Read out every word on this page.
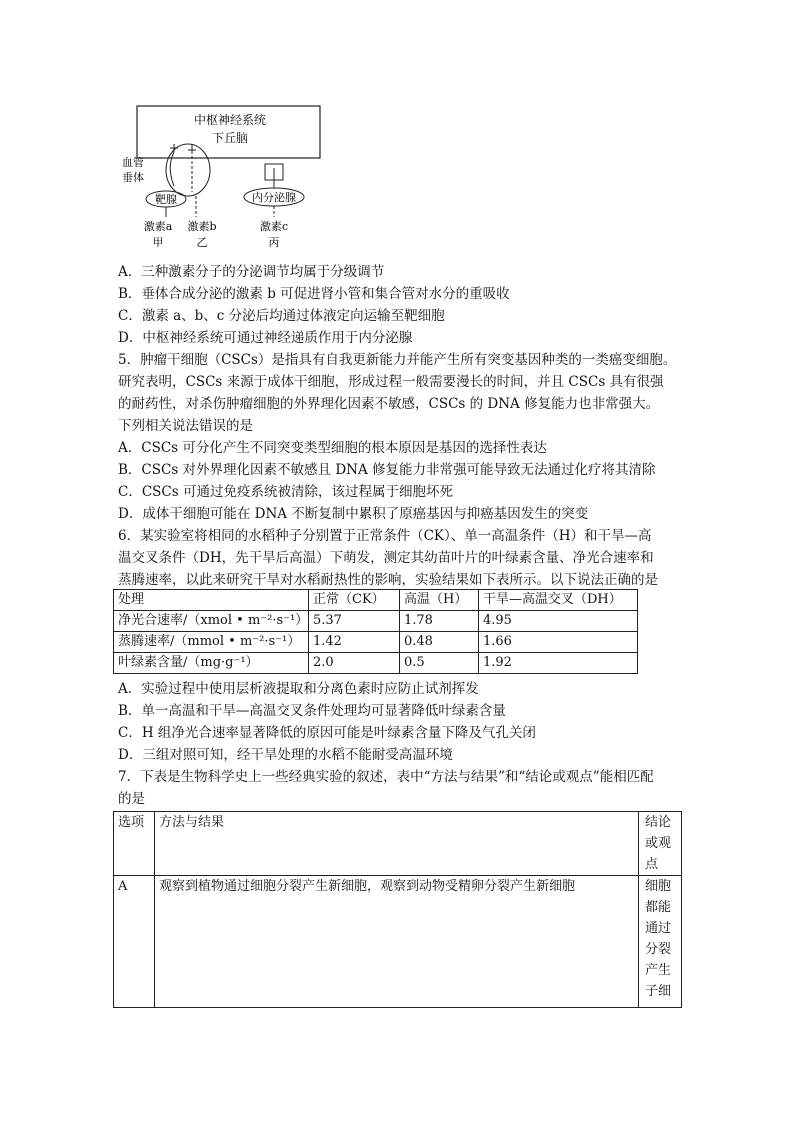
中枢神经系统
下丘脑
血管
垂体
靶腺	内分泌腺
激素a 激素b	激素c
甲	乙	丙
A．三种激素分子的分泌调节均属于分级调节
B．垂体合成分泌的激素 b 可促进肾小管和集合管对水分的重吸收
C．激素 a、b、c 分泌后均通过体液定向运输至靶细胞
D．中枢神经系统可通过神经递质作用于内分泌腺
5．肿瘤干细胞（CSCs）是指具有自我更新能力并能产生所有突变基因种类的一类癌变细胞。
研究表明，CSCs 来源于成体干细胞，形成过程一般需要漫长的时间，并且 CSCs 具有很强
的耐药性，对杀伤肿瘤细胞的外界理化因素不敏感，CSCs 的 DNA 修复能力也非常强大。
下列相关说法错误的是
A．CSCs 可分化产生不同突变类型细胞的根本原因是基因的选择性表达
B．CSCs 对外界理化因素不敏感且 DNA 修复能力非常强可能导致无法通过化疗将其清除
C．CSCs 可通过免疫系统被清除，该过程属于细胞坏死
D．成体干细胞可能在 DNA 不断复制中累积了原癌基因与抑癌基因发生的突变
6．某实验室将相同的水稻种子分别置于正常条件（CK）、单一高温条件（H）和干旱—高
温交叉条件（DH，先干旱后高温）下萌发，测定其幼苗叶片的叶绿素含量、净光合速率和
蒸腾速率，以此来研究干旱对水稻耐热性的影响，实验结果如下表所示。以下说法正确的是
处理	正常（CK）	高温（H）	干旱—高温交叉（DH）
净光合速率/（xmol • m⁻²·s⁻¹）	5.37	1.78	4.95
蒸腾速率/（mmol • m⁻²·s⁻¹）	1.42	0.48	1.66
叶绿素含量/（mg·g⁻¹）	2.0	0.5	1.92
A．实验过程中使用层析液提取和分离色素时应防止试剂挥发
B．单一高温和干旱—高温交叉条件处理均可显著降低叶绿素含量
C．H 组净光合速率显著降低的原因可能是叶绿素含量下降及气孔关闭
D．三组对照可知，经干旱处理的水稻不能耐受高温环境
7．下表是生物科学史上一些经典实验的叙述，表中“方法与结果”和“结论或观点”能相匹配
的是
选项	方法与结果	结论或观点
A	观察到植物通过细胞分裂产生新细胞，观察到动物受精卵分裂产生新细胞	细胞都能通过分裂产生子细
